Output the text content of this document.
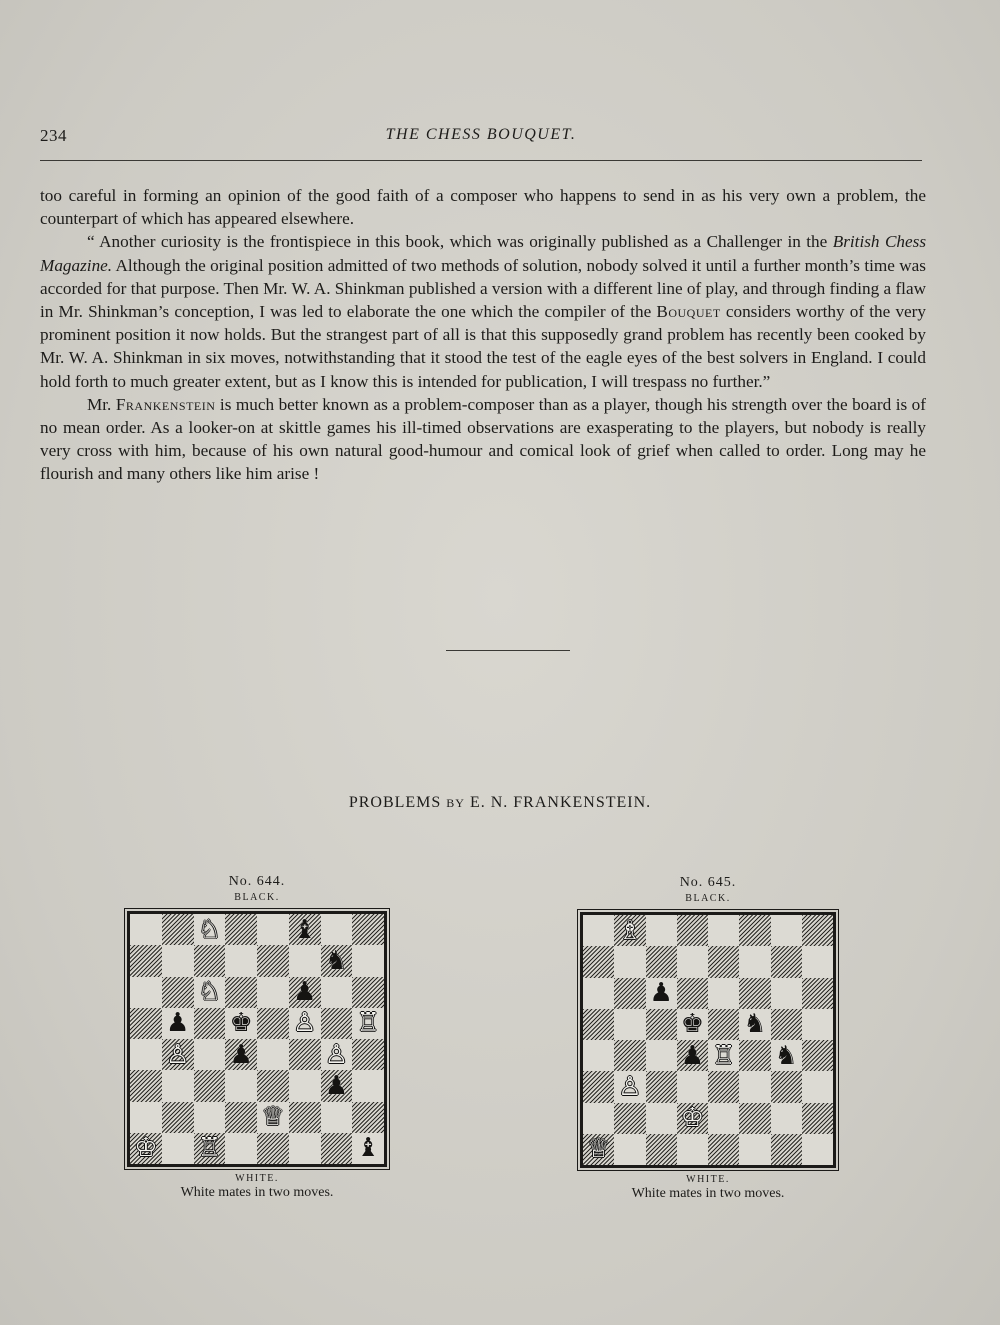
234	THE CHESS BOUQUET.

too careful in forming an opinion of the good faith of a composer who happens to send in as his very own a problem, the counterpart of which has appeared elsewhere.

“ Another curiosity is the frontispiece in this book, which was originally published as a Challenger in the British Chess Magazine. Although the original position admitted of two methods of solution, nobody solved it until a further month’s time was accorded for that purpose. Then Mr. W. A. Shinkman published a version with a different line of play, and through finding a flaw in Mr. Shinkman’s conception, I was led to elaborate the one which the compiler of the Bouquet considers worthy of the very prominent position it now holds. But the strangest part of all is that this supposedly grand problem has recently been cooked by Mr. W. A. Shinkman in six moves, notwithstanding that it stood the test of the eagle eyes of the best solvers in England. I could hold forth to much greater extent, but as I know this is intended for publication, I will trespass no further.”

Mr. Frankenstein is much better known as a problem-composer than as a player, though his strength over the board is of no mean order. As a looker-on at skittle games his ill-timed observations are exasperating to the players, but nobody is really very cross with him, because of his own natural good-humour and comical look of grief when called to order. Long may he flourish and many others like him arise !

PROBLEMS BY E. N. FRANKENSTEIN.
No. 644.
BLACK.
♘	♝
♞
♘	♟
♟ ♚ ♙ ♖
♙ ♟	♙
♟
♕
♔ ♖	♝
WHITE.
White mates in two moves.
No. 645.
BLACK.
♗
♟
♚ ♞
♟ ♖ ♞
♙
♔
♕
WHITE.
White mates in two moves.
